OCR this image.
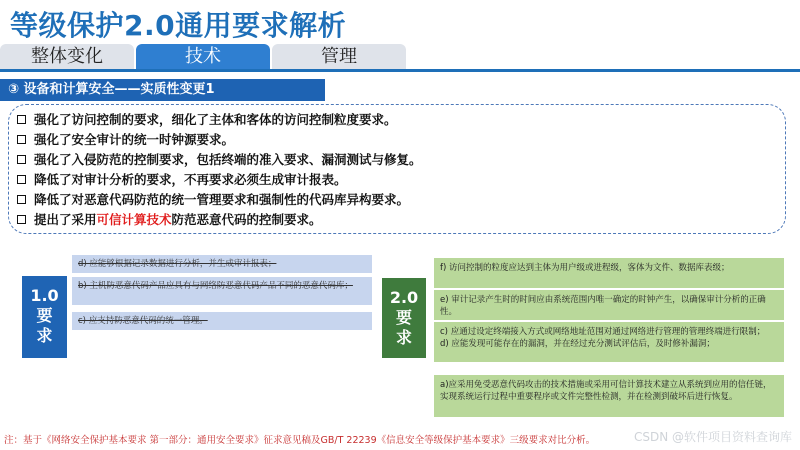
等级保护2.0通用要求解析
整体变化	技术	管理
③ 设备和计算安全——实质性变更1
强化了访问控制的要求，细化了主体和客体的访问控制粒度要求。
强化了安全审计的统一时钟源要求。
强化了入侵防范的控制要求，包括终端的准入要求、漏洞测试与修复。
降低了对审计分析的要求，不再要求必须生成审计报表。
降低了对恶意代码防范的统一管理要求和强制性的代码库异构要求。
提出了采用 可信计算技术 防范恶意代码的控制要求。
1.0
要
求
d) 应能够根据记录数据进行分析，并生成审计报表；
b) 主机防恶意代码产品应具有与网络防恶意代码产品不同的恶意代码库；
c) 应支持防恶意代码的统一管理。
2.0
要
求
f) 访问控制的粒度应达到主体为用户级或进程级，客体为文件、数据库表级；
e) 审计记录产生时的时间应由系统范围内唯一确定的时钟产生，以确保审计分析的正确性。
c) 应通过设定终端接入方式或网络地址范围对通过网络进行管理的管理终端进行限制；
d) 应能发现可能存在的漏洞，并在经过充分测试评估后，及时修补漏洞；
a)应采用免受恶意代码攻击的技术措施或采用可信计算技术建立从系统到应用的信任链，实现系统运行过程中重要程序或文件完整性检测，并在检测到破坏后进行恢复。
注：基于《网络安全保护基本要求 第一部分：通用安全要求》征求意见稿及GB/T 22239《信息安全等级保护基本要求》三级要求对比分析。	CSDN @软件项目资料查询库
